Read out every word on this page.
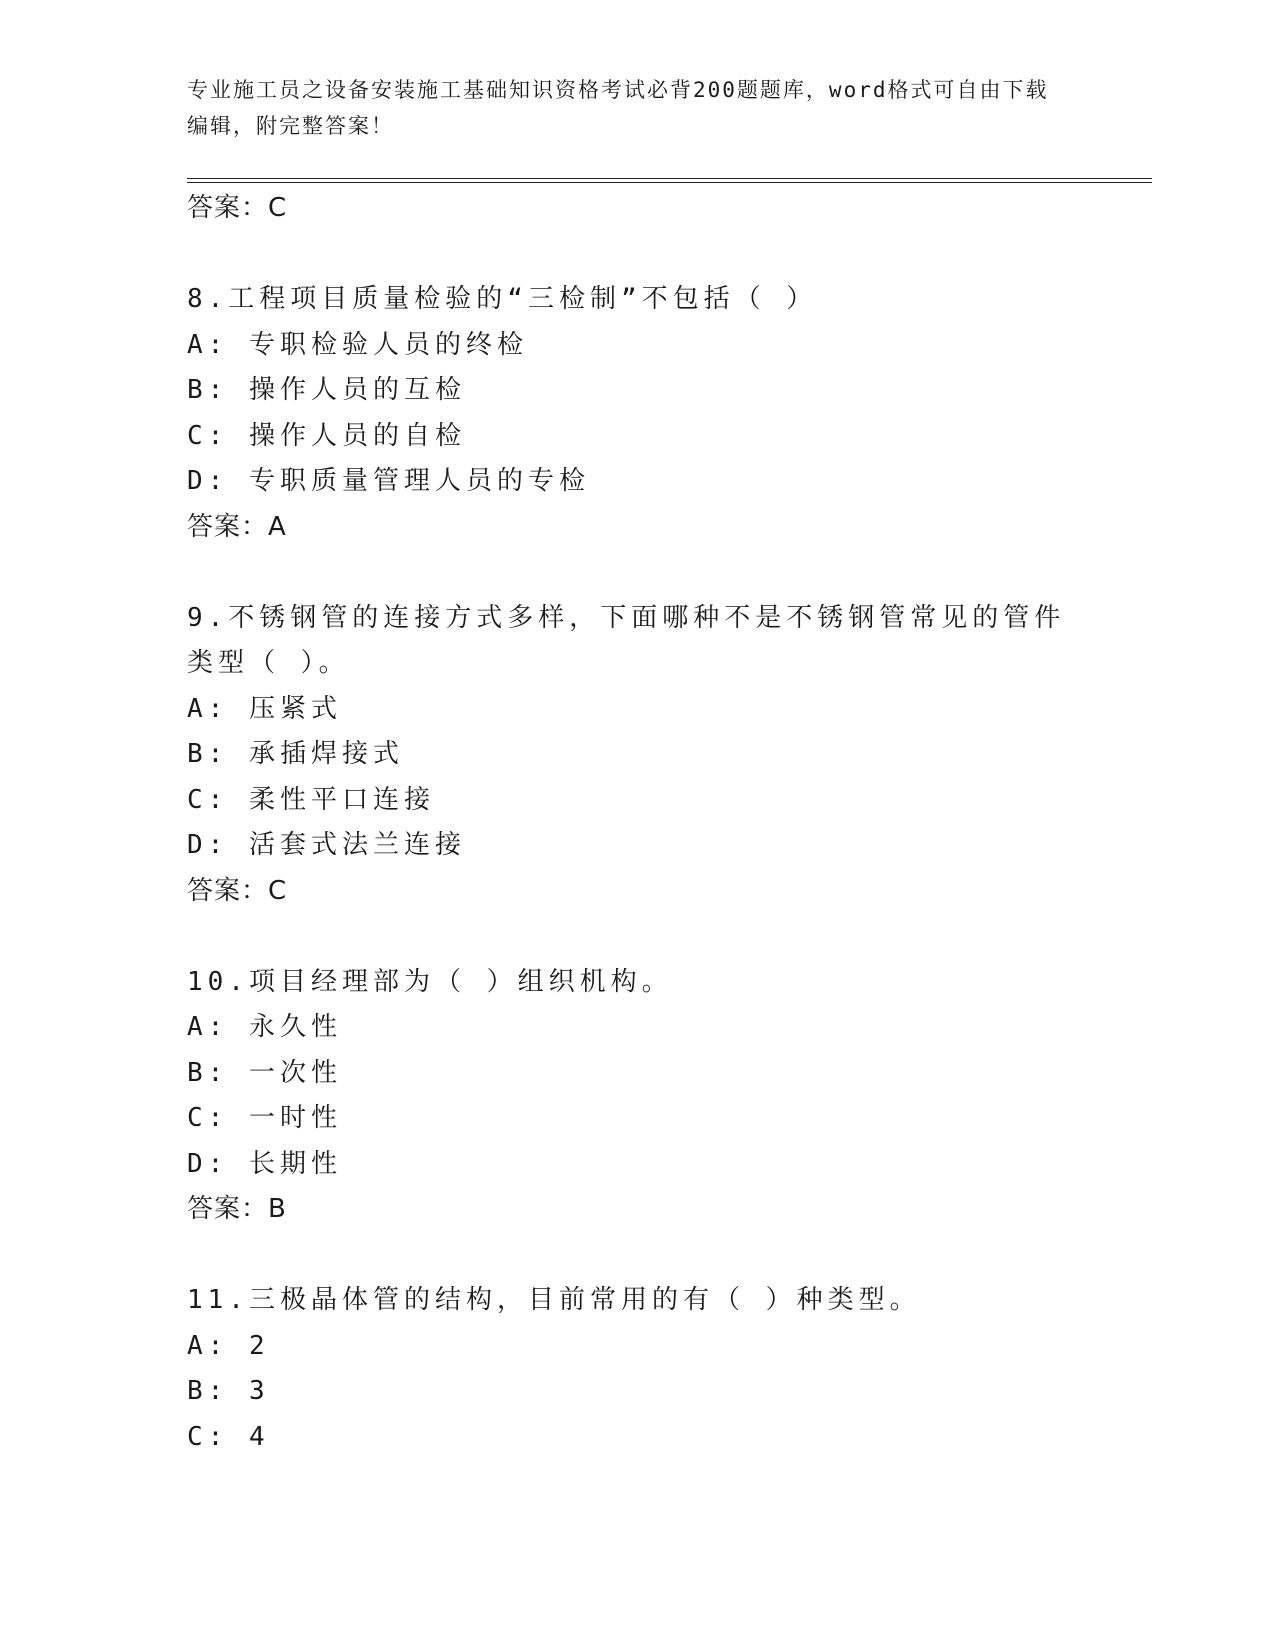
专业施工员之设备安装施工基础知识资格考试必背200题题库，word格式可自由下载编辑，附完整答案！
答案：C
8.工程项目质量检验的“三检制”不包括（ ）
A: 专职检验人员的终检
B: 操作人员的互检
C: 操作人员的自检
D: 专职质量管理人员的专检
答案：A
9.不锈钢管的连接方式多样，下面哪种不是不锈钢管常见的管件类型（ ）。
A: 压紧式
B: 承插焊接式
C: 柔性平口连接
D: 活套式法兰连接
答案：C
10.项目经理部为（ ）组织机构。
A: 永久性
B: 一次性
C: 一时性
D: 长期性
答案：B
11.三极晶体管的结构，目前常用的有（ ）种类型。
A: 2
B: 3
C: 4
